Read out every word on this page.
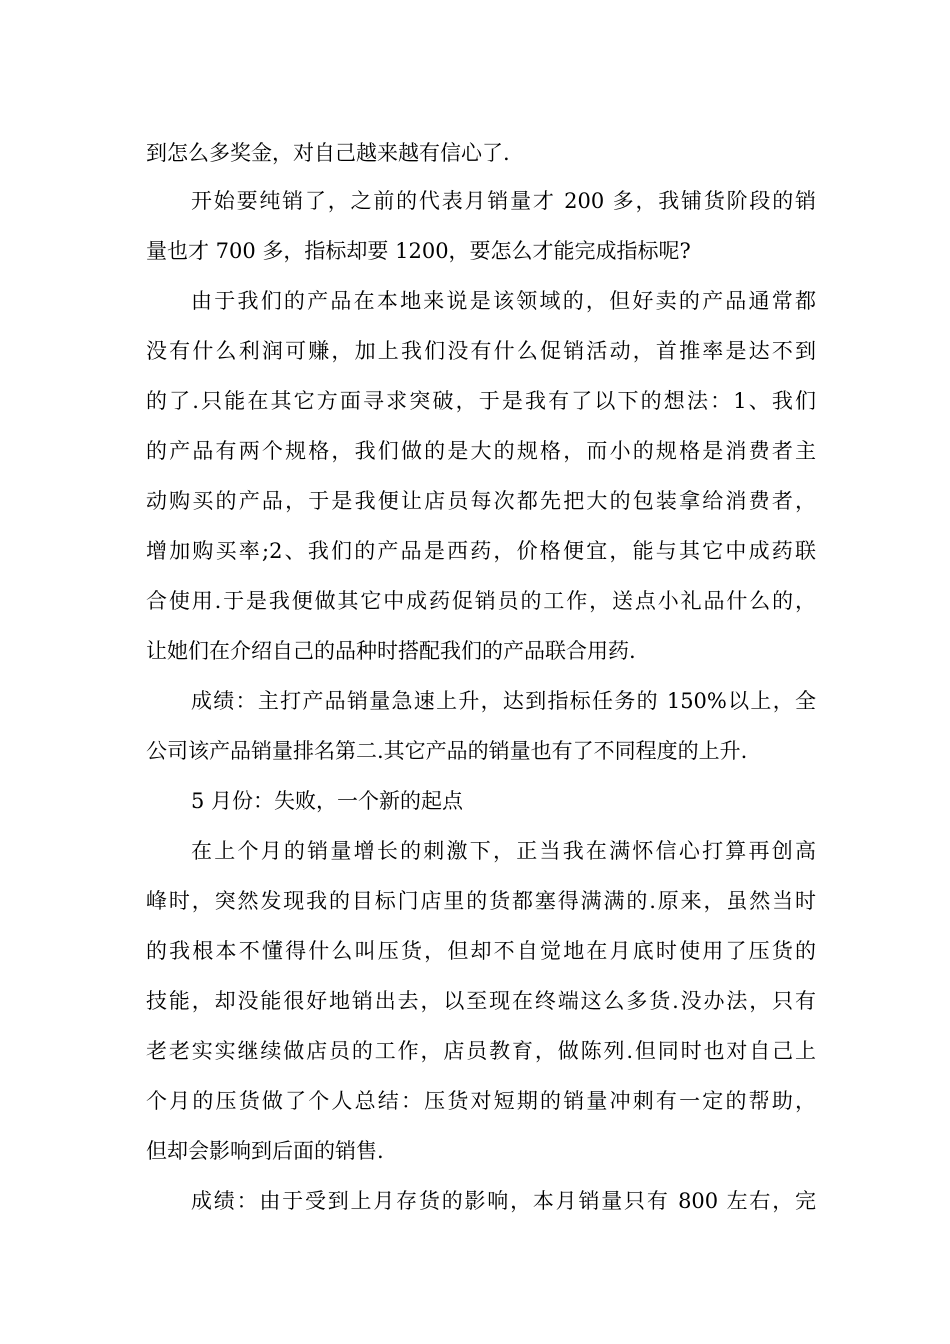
到怎么多奖金，对自己越来越有信心了.
开始要纯销了，之前的代表月销量才 200 多，我铺货阶段的销
量也才 700 多，指标却要 1200，要怎么才能完成指标呢?
由于我们的产品在本地来说是该领域的，但好卖的产品通常都
没有什么利润可赚，加上我们没有什么促销活动，首推率是达不到
的了.只能在其它方面寻求突破，于是我有了以下的想法：1、我们
的产品有两个规格，我们做的是大的规格，而小的规格是消费者主
动购买的产品，于是我便让店员每次都先把大的包装拿给消费者，
增加购买率;2、我们的产品是西药，价格便宜，能与其它中成药联
合使用.于是我便做其它中成药促销员的工作，送点小礼品什么的，
让她们在介绍自己的品种时搭配我们的产品联合用药.
成绩：主打产品销量急速上升，达到指标任务的 150%以上，全
公司该产品销量排名第二.其它产品的销量也有了不同程度的上升.
5 月份：失败，一个新的起点
在上个月的销量增长的刺激下，正当我在满怀信心打算再创高
峰时，突然发现我的目标门店里的货都塞得满满的.原来，虽然当时
的我根本不懂得什么叫压货，但却不自觉地在月底时使用了压货的
技能，却没能很好地销出去，以至现在终端这么多货.没办法，只有
老老实实继续做店员的工作，店员教育，做陈列.但同时也对自己上
个月的压货做了个人总结：压货对短期的销量冲刺有一定的帮助，
但却会影响到后面的销售.
成绩：由于受到上月存货的影响，本月销量只有 800 左右，完
